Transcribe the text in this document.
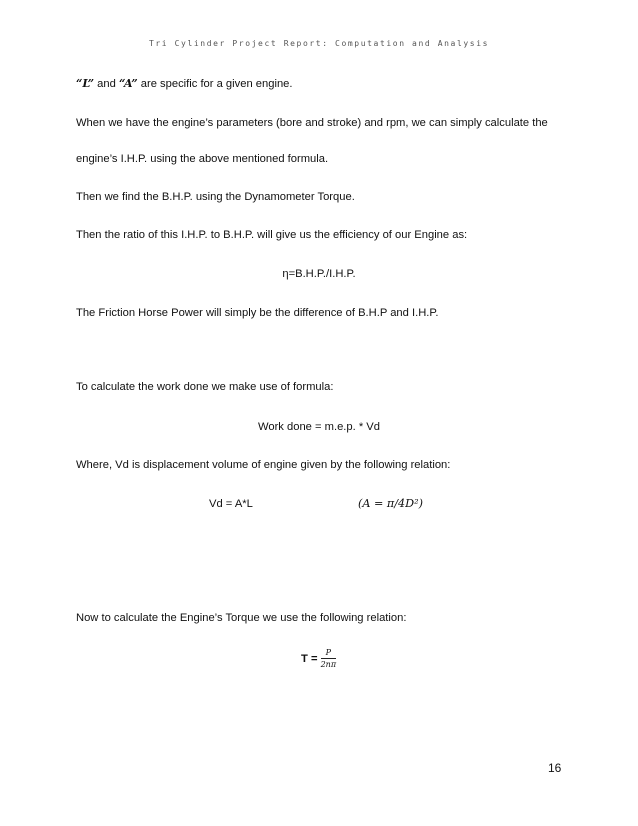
Tri Cylinder Project Report: Computation and Analysis
“L” and “A” are specific for a given engine.
When we have the engine’s parameters (bore and stroke) and rpm, we can simply calculate the
engine’s I.H.P. using the above mentioned formula.
Then we find the B.H.P. using the Dynamometer Torque.
Then the ratio of this I.H.P. to B.H.P. will give us the efficiency of our Engine as:
η=B.H.P./I.H.P.
The Friction Horse Power will simply be the difference of B.H.P and I.H.P.
To calculate the work done we make use of formula:
Work done = m.e.p. * Vd
Where, Vd is displacement volume of engine given by the following relation:
Vd = A*L	(A = π/4D²)
Now to calculate the Engine’s Torque we use the following relation:
$T = \frac{P}{2n\pi}$
16
